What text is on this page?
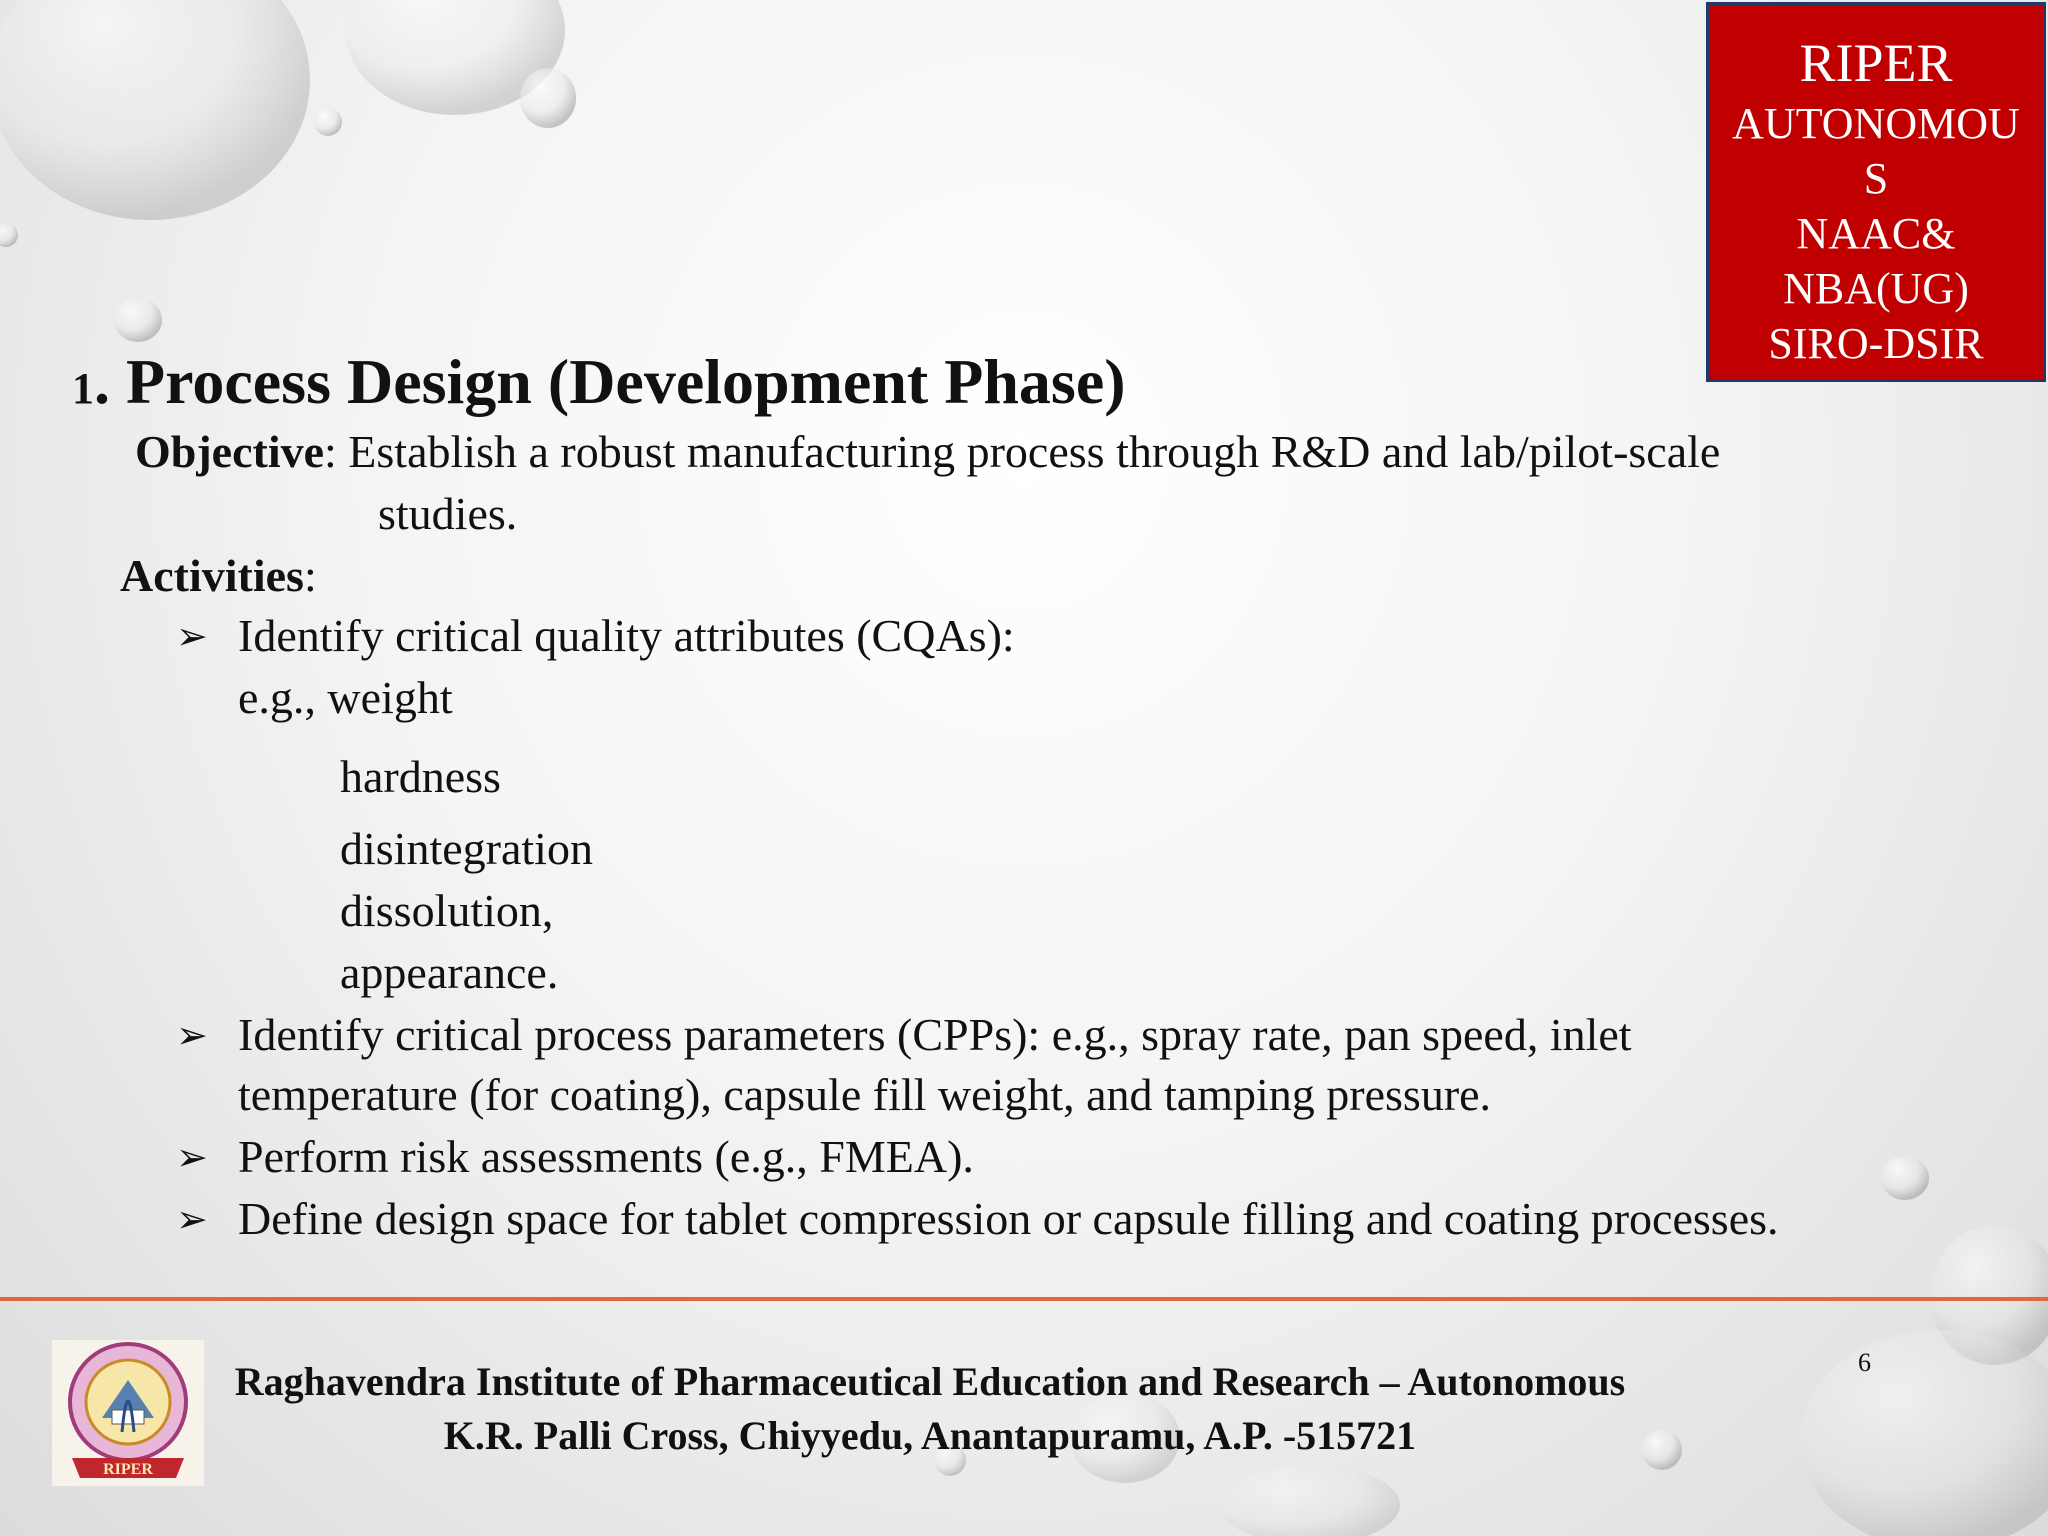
RIPER
AUTONOMOU
S
NAAC&
NBA(UG)
SIRO-DSIR
1. Process Design (Development Phase)
Objective: Establish a robust manufacturing process through R&D and lab/pilot-scale
studies.
Activities:
➢ Identify critical quality attributes (CQAs):
e.g., weight
hardness
disintegration
dissolution,
appearance.
➢ Identify critical process parameters (CPPs): e.g., spray rate, pan speed, inlet
temperature (for coating), capsule fill weight, and tamping pressure.
➢ Perform risk assessments (e.g., FMEA).
➢ Define design space for tablet compression or capsule filling and coating processes.
RIPER
Raghavendra Institute of Pharmaceutical Education and Research – Autonomous
K.R. Palli Cross, Chiyyedu, Anantapuramu, A.P. -515721
6
